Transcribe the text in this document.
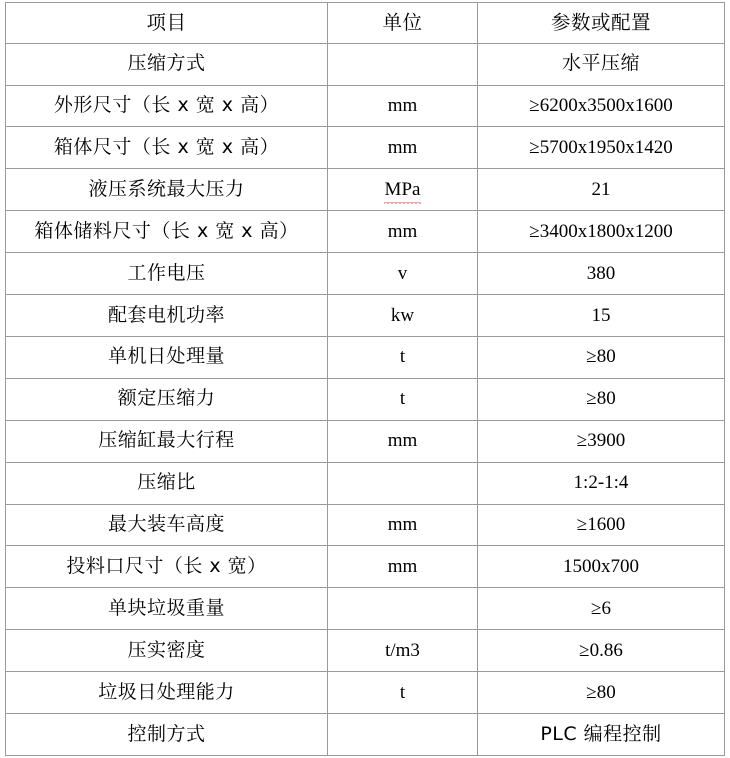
项目	单位	参数或配置
压缩方式		水平压缩
外形尺寸（长 x 宽 x 高）	mm	≥6200x3500x1600
箱体尺寸（长 x 宽 x 高）	mm	≥5700x1950x1420
液压系统最大压力	MPa	21
箱体储料尺寸（长 x 宽 x 高）	mm	≥3400x1800x1200
工作电压	v	380
配套电机功率	kw	15
单机日处理量	t	≥80
额定压缩力	t	≥80
压缩缸最大行程	mm	≥3900
压缩比		1:2-1:4
最大装车高度	mm	≥1600
投料口尺寸（长 x 宽）	mm	1500x700
单块垃圾重量		≥6
压实密度	t/m3	≥0.86
垃圾日处理能力	t	≥80
控制方式		PLC 编程控制
